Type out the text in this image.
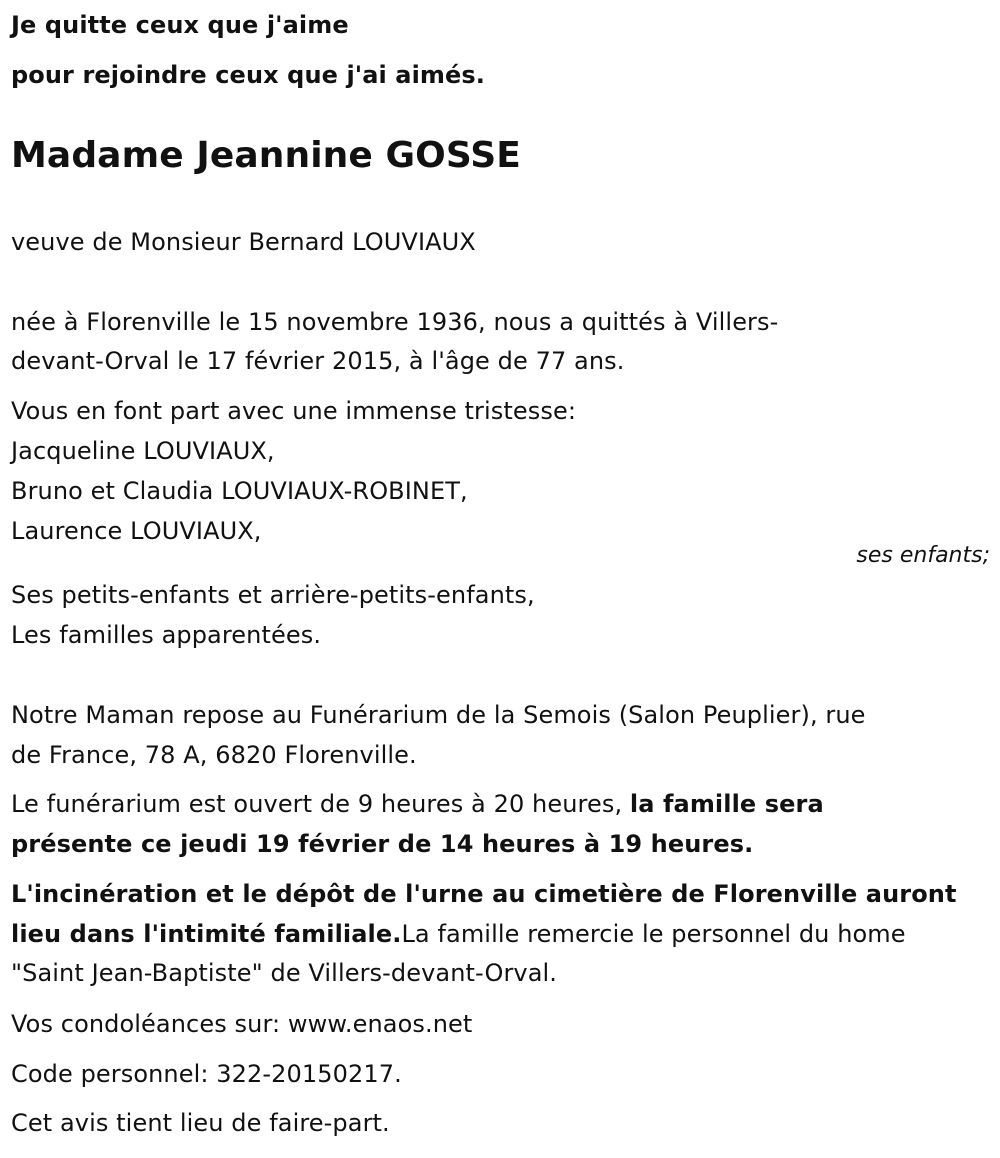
Je quitte ceux que j'aime
pour rejoindre ceux que j'ai aimés.
Madame Jeannine GOSSE
veuve de Monsieur Bernard LOUVIAUX
née à Florenville le 15 novembre 1936, nous a quittés à Villers-
devant-Orval le 17 février 2015, à l'âge de 77 ans.
Vous en font part avec une immense tristesse:
Jacqueline LOUVIAUX,
Bruno et Claudia LOUVIAUX-ROBINET,
Laurence LOUVIAUX,
ses enfants;
Ses petits-enfants et arrière-petits-enfants,
Les familles apparentées.
Notre Maman repose au Funérarium de la Semois (Salon Peuplier), rue
de France, 78 A, 6820 Florenville.
Le funérarium est ouvert de 9 heures à 20 heures, la famille sera
présente ce jeudi 19 février de 14 heures à 19 heures.
L'incinération et le dépôt de l'urne au cimetière de Florenville auront
lieu dans l'intimité familiale.La famille remercie le personnel du home
"Saint Jean-Baptiste" de Villers-devant-Orval.
Vos condoléances sur: www.enaos.net
Code personnel: 322-20150217.
Cet avis tient lieu de faire-part.
